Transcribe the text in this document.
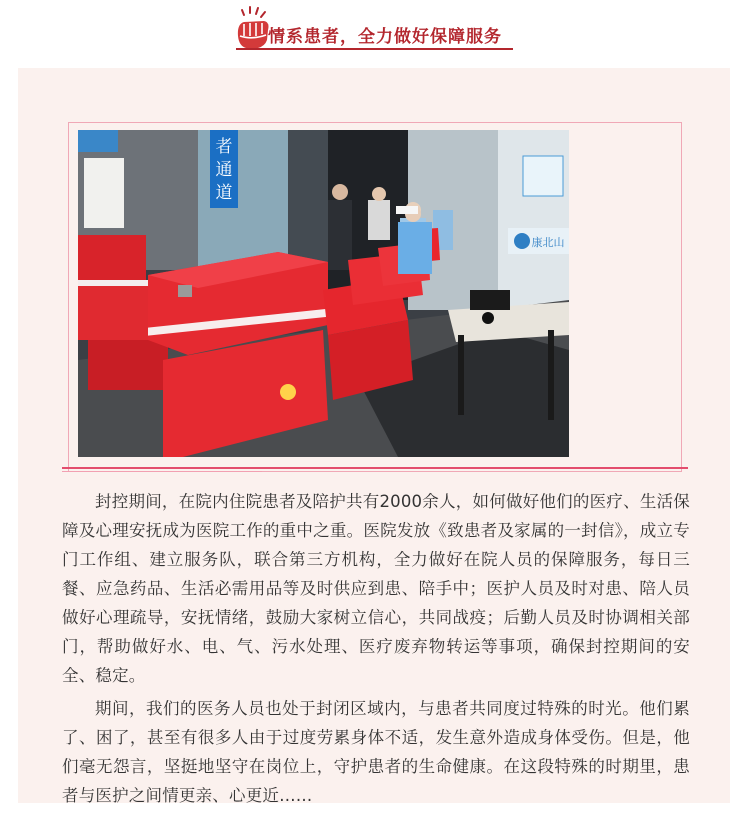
情系患者，全力做好保障服务
者
通
道
康北山

封控期间，在院内住院患者及陪护共有2000余人，如何做好他们的医疗、生活保障及心理安抚成为医院工作的重中之重。医院发放《致患者及家属的一封信》，成立专门工作组、建立服务队，联合第三方机构，全力做好在院人员的保障服务，每日三餐、应急药品、生活必需用品等及时供应到患、陪手中；医护人员及时对患、陪人员做好心理疏导，安抚情绪，鼓励大家树立信心，共同战疫；后勤人员及时协调相关部门，帮助做好水、电、气、污水处理、医疗废弃物转运等事项，确保封控期间的安全、稳定。

期间，我们的医务人员也处于封闭区域内，与患者共同度过特殊的时光。他们累了、困了，甚至有很多人由于过度劳累身体不适，发生意外造成身体受伤。但是，他们毫无怨言，坚挺地坚守在岗位上，守护患者的生命健康。在这段特殊的时期里，患者与医护之间情更亲、心更近……
